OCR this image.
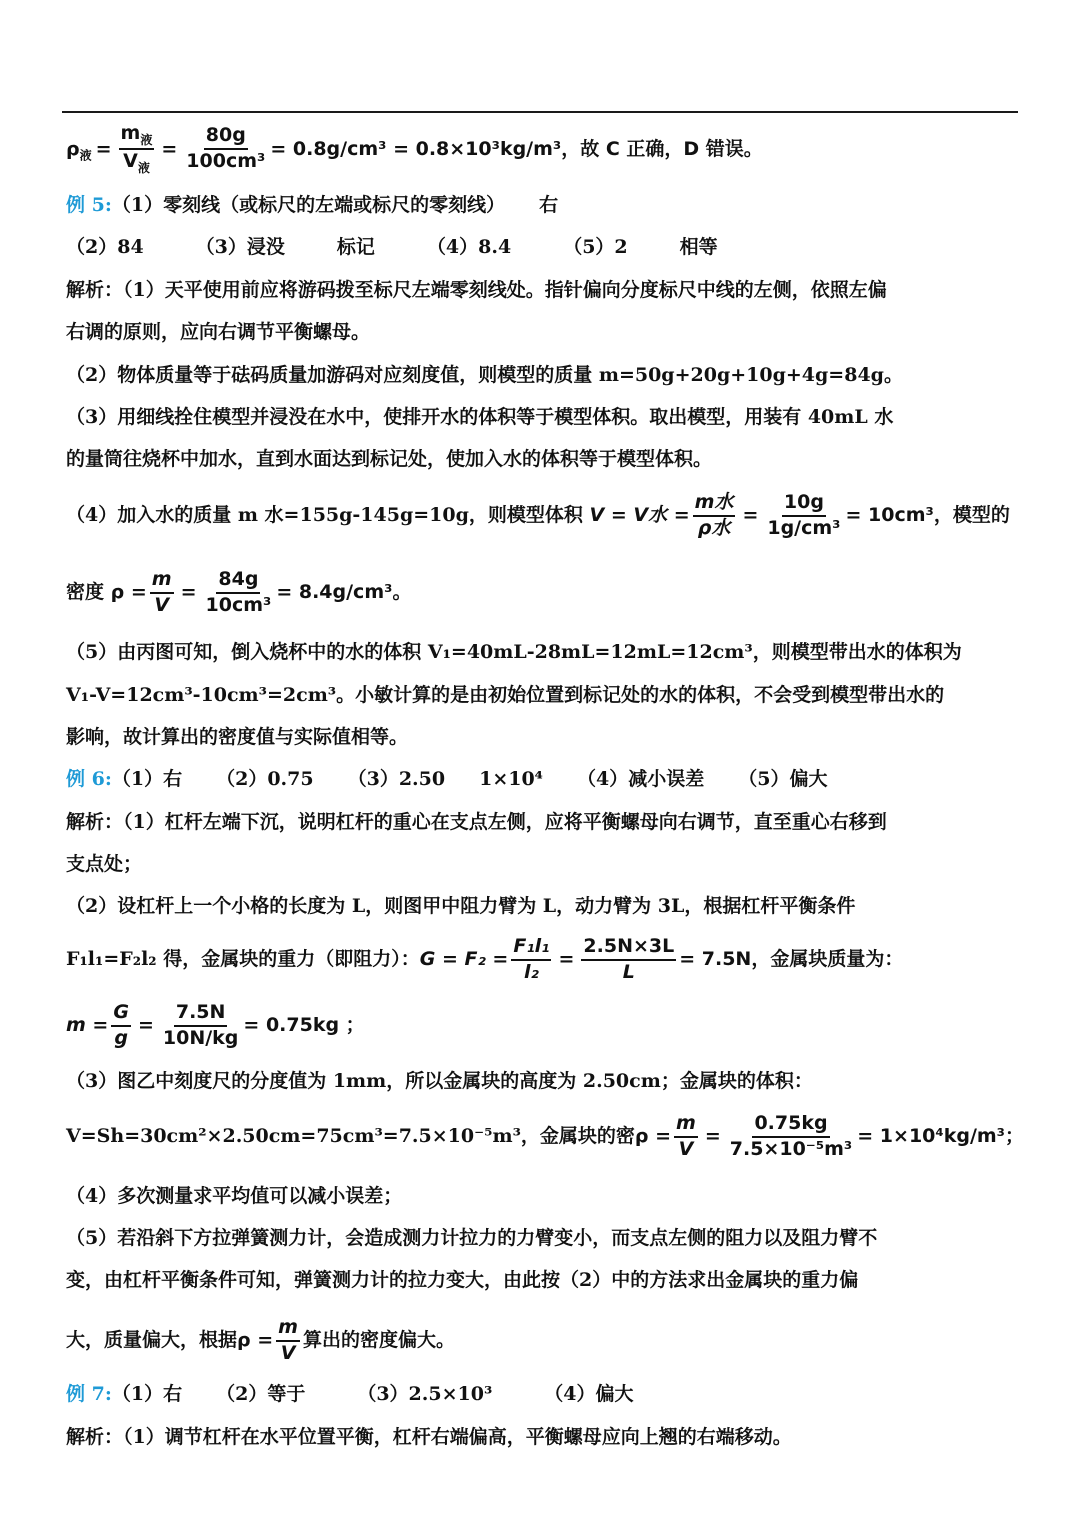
$\rho_液 = \frac{m_液}{V_液} = \frac{80g}{\text{100cm³}} = 0.8g/cm^3 = 0.8\times 10^3kg/m^3$，故 C 正确，D 错误。
例 5:（1）零刻线（或标尺的左端或标尺的零刻线） 右
（2）84	（3）浸没	标记	（4）8.4	（5）2	相等
解析：（1）天平使用前应将游码拨至标尺左端零刻线处。指针偏向分度标尺中线的左侧，依照左偏
右调的原则，应向右调节平衡螺母。
（2）物体质量等于砝码质量加游码对应刻度值，则模型的质量 m=50g+20g+10g+4g=84g。
（3）用细线拴住模型并浸没在水中，使排开水的体积等于模型体积。取出模型，用装有 40mL 水
的量筒往烧杯中加水，直到水面达到标记处，使加入水的体积等于模型体积。
（4）加入水的质量 m 水=155g-145g=10g，则模型体积 V = V水 = $\frac{\text{m水}}{\text{ρ水}} = \frac{10g}{\text{1g/cm³}} = 10cm^3$，模型的
密度 $\rho = \frac{m}{V} = \frac{84g}{\text{10cm³}} = 8.4g/cm^3$。
（5）由丙图可知，倒入烧杯中的水的体积 V₁=40mL-28mL=12mL=12cm³，则模型带出水的体积为
V₁-V=12cm³-10cm³=2cm³。小敏计算的是由初始位置到标记处的水的体积，不会受到模型带出水的
影响，故计算出的密度值与实际值相等。
例 6:（1）右 （2）0.75 （3）2.50 1×10⁴ （4）减小误差 （5）偏大
解析：（1）杠杆左端下沉，说明杠杆的重心在支点左侧，应将平衡螺母向右调节，直至重心右移到
支点处；
（2）设杠杆上一个小格的长度为 L，则图甲中阻力臂为 L，动力臂为 3L，根据杠杆平衡条件
F₁l₁=F₂l₂ 得，金属块的重力（即阻力）：$G = F_2 = \frac{\text{F₁l₁}}{\text{l₂}} = \frac{2.5N\times 3L}{L} = 7.5N$，金属块质量为：
$m = \frac{G}{g} = \frac{7.5N}{10N/kg} = 0.75kg$ ；
（3）图乙中刻度尺的分度值为 1mm，所以金属块的高度为 2.50cm；金属块的体积：
V=Sh=30cm²×2.50cm=75cm³=7.5×10⁻⁵m³，金属块的密$\rho = \frac{m}{V} = \frac{0.75kg}{\text{7.5×10⁻⁵m³}} = 1\times 10^4kg/m^3$；
（4）多次测量求平均值可以减小误差；
（5）若沿斜下方拉弹簧测力计，会造成测力计拉力的力臂变小，而支点左侧的阻力以及阻力臂不
变，由杠杆平衡条件可知，弹簧测力计的拉力变大，由此按（2）中的方法求出金属块的重力偏
大，质量偏大，根据$\rho = \frac{m}{V}$ 算出的密度偏大。
例 7:（1）右 （2）等于	（3）2.5×10³	（4）偏大
解析：（1）调节杠杆在水平位置平衡，杠杆右端偏高，平衡螺母应向上翘的右端移动。
